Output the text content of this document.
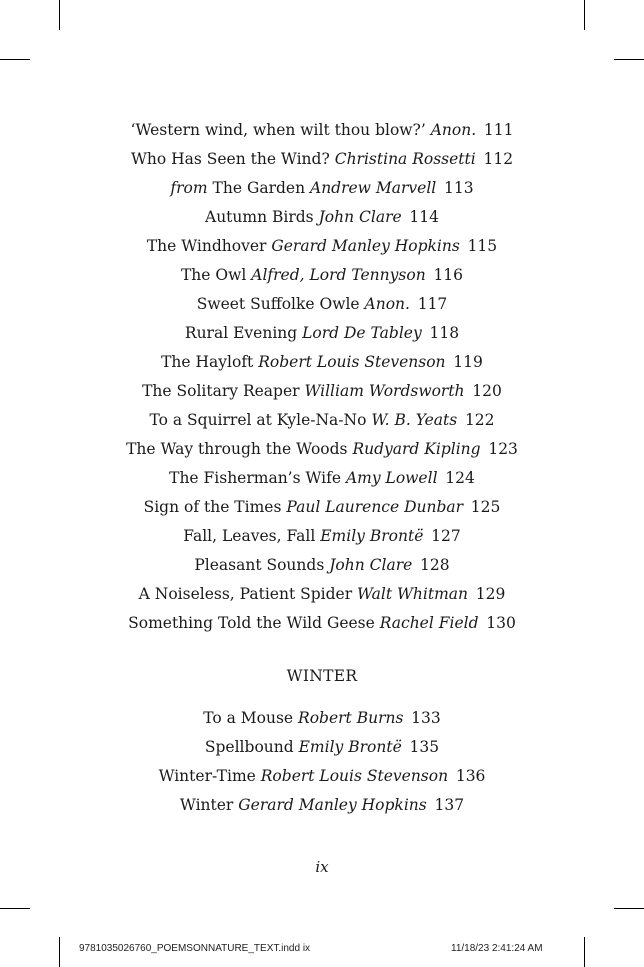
‘Western wind, when wilt thou blow?’ Anon.  111
Who Has Seen the Wind? Christina Rossetti  112
from The Garden Andrew Marvell  113
Autumn Birds John Clare  114
The Windhover Gerard Manley Hopkins  115
The Owl Alfred, Lord Tennyson  116
Sweet Suffolke Owle Anon.  117
Rural Evening Lord De Tabley  118
The Hayloft Robert Louis Stevenson  119
The Solitary Reaper William Wordsworth  120
To a Squirrel at Kyle-Na-No W. B. Yeats  122
The Way through the Woods Rudyard Kipling  123
The Fisherman’s Wife Amy Lowell  124
Sign of the Times Paul Laurence Dunbar  125
Fall, Leaves, Fall Emily Brontë  127
Pleasant Sounds John Clare  128
A Noiseless, Patient Spider Walt Whitman  129
Something Told the Wild Geese Rachel Field  130
WINTER
To a Mouse Robert Burns  133
Spellbound Emily Brontë  135
Winter-Time Robert Louis Stevenson  136
Winter Gerard Manley Hopkins  137
ix
9781035026760_POEMSONNATURE_TEXT.indd ix	11/18/23 2:41:24 AM
